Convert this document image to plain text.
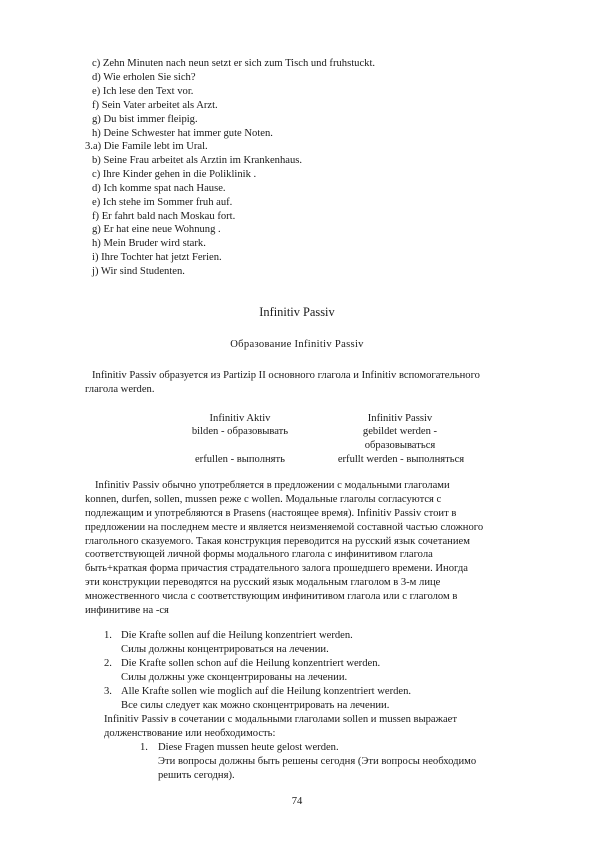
c) Zehn Minuten nach neun setzt er sich zum Tisch und fruhstuckt.
d) Wie erholen Sie sich?
e) Ich lese den Text vor.
f) Sein Vater arbeitet als Arzt.
g) Du bist immer fleipig.
h) Deine Schwester hat immer gute Noten.
3.a) Die Famile lebt im Ural.
b) Seine Frau arbeitet als Arztin im Krankenhaus.
c) Ihre Kinder gehen in die Poliklinik .
d) Ich komme spat nach Hause.
e) Ich stehe im Sommer fruh auf.
f) Er fahrt bald nach Moskau fort.
g) Er hat eine neue Wohnung .
h) Mein Bruder wird stark.
i) Ihre Tochter hat jetzt Ferien.
j) Wir sind Studenten.
Infinitiv Passiv
Образование Infinitiv Passiv
Infinitiv Passiv образуется из Partizip II основного глагола и Infinitiv вспомогательного
глагола werden.
Infinitiv Aktiv	Infinitiv Passiv
bilden - образовывать	gebildet werden -
образовываться
erfullen - выполнять	erfullt werden - выполняться
Infinitiv Passiv обычно употребляется в предложении с модальными глаголами
konnen, durfen, sollen, mussen реже с wollen. Модальные глаголы согласуются с
подлежащим и употребляются в Prasens (настоящее время). Infinitiv Passiv стоит в
предложении на последнем месте и является неизменяемой составной частью сложного
глагольного сказуемого. Такая конструкция переводится на русский язык сочетанием
соответствующей личной формы модального глагола с инфинитивом глагола
быть+краткая форма причастия страдательного залога прошедшего времени. Иногда
эти конструкции переводятся на русский язык модальным глаголом в 3-м лице
множественного числа с соответствующим инфинитивом глагола или с глаголом в
инфинитиве на -ся
1. Die Krafte sollen auf die Heilung konzentriert werden.
Силы должны концентрироваться на лечении.
2. Die Krafte sollen schon auf die Heilung konzentriert werden.
Силы должны уже сконцентрированы на лечении.
3. Alle Krafte sollen wie moglich auf die Heilung konzentriert werden.
Все силы следует как можно сконцентрировать на лечении.
Infinitiv Passiv в сочетании с модальными глаголами sollen и mussen выражает
долженствование или необходимость:
1. Diese Fragen mussen heute gelost werden.
Эти вопросы должны быть решены сегодня (Эти вопросы необходимо
решить сегодня).
74
